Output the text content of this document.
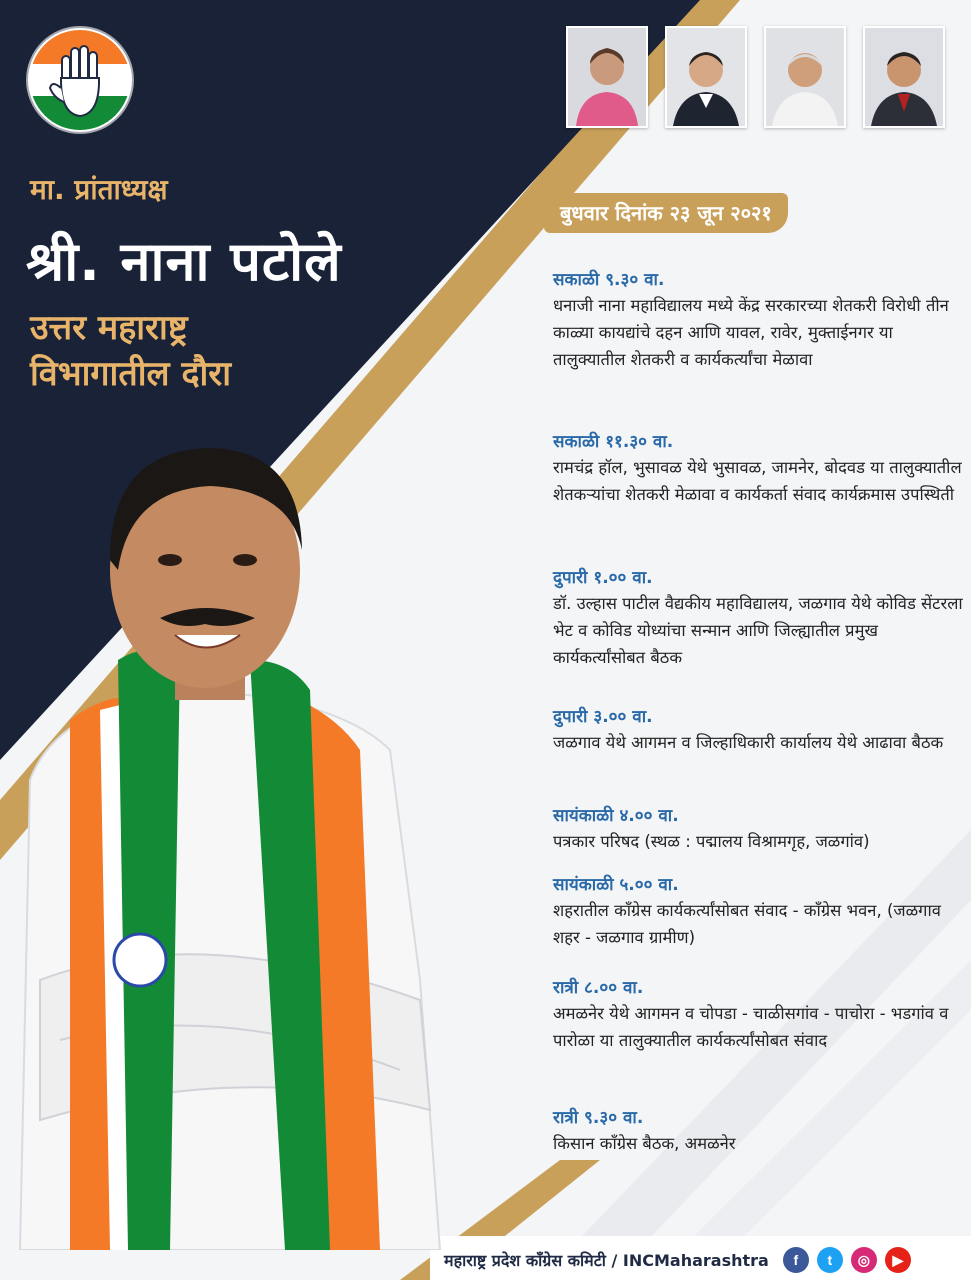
मा. प्रांताध्यक्ष
श्री. नाना पटोले
उत्तर महाराष्ट्र विभागातील दौरा
बुधवार दिनांक २३ जून २०२१
सकाळी ९.३० वा.
धनाजी नाना महाविद्यालय मध्ये केंद्र सरकारच्या शेतकरी विरोधी तीन काळ्या कायद्यांचे दहन आणि यावल, रावेर, मुक्ताईनगर या तालुक्यातील शेतकरी व कार्यकर्त्यांचा मेळावा
सकाळी ११.३० वा.
रामचंद्र हॉल, भुसावळ येथे भुसावळ, जामनेर, बोदवड या तालुक्यातील शेतकऱ्यांचा शेतकरी मेळावा व कार्यकर्ता संवाद कार्यक्रमास उपस्थिती
दुपारी १.०० वा.
डॉ. उल्हास पाटील वैद्यकीय महाविद्यालय, जळगाव येथे कोविड सेंटरला भेट व कोविड योध्यांचा सन्मान आणि जिल्ह्यातील प्रमुख कार्यकर्त्यांसोबत बैठक
दुपारी ३.०० वा.
जळगाव येथे आगमन व जिल्हाधिकारी कार्यालय येथे आढावा बैठक
सायंकाळी ४.०० वा.
पत्रकार परिषद (स्थळ : पद्मालय विश्रामगृह, जळगांव)
सायंकाळी ५.०० वा.
शहरातील काँग्रेस कार्यकर्त्यांसोबत संवाद - काँग्रेस भवन, (जळगाव शहर - जळगाव ग्रामीण)
रात्री ८.०० वा.
अमळनेर येथे आगमन व चोपडा - चाळीसगांव - पाचोरा - भडगांव व पारोळा या तालुक्यातील कार्यकर्त्यांसोबत संवाद
रात्री ९.३० वा.
किसान काँग्रेस बैठक, अमळनेर
महाराष्ट्र प्रदेश काँग्रेस कमिटी / INCMaharashtra	f	t	◎	▶
